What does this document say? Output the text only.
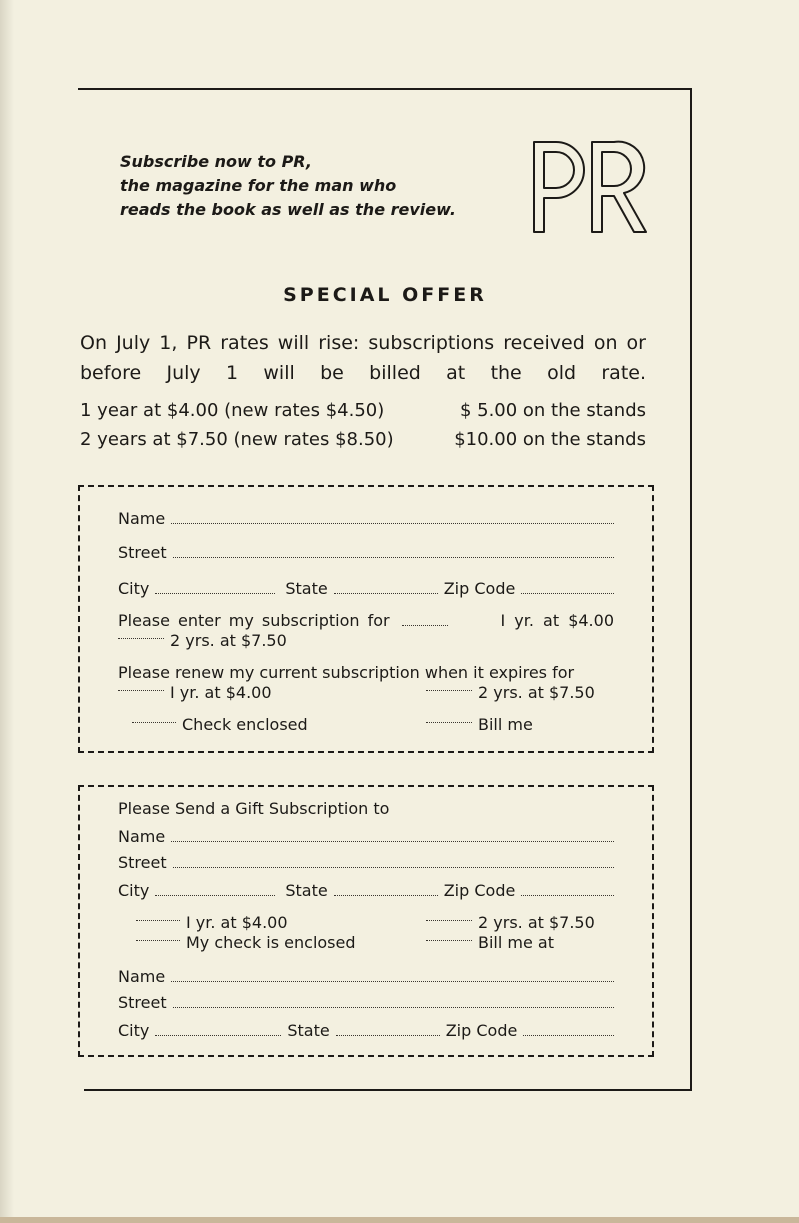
Subscribe now to PR,
the magazine for the man who
reads the book as well as the review.
PR
SPECIAL OFFER
On July 1, PR rates will rise: subscriptions received on or before July 1 will be billed at the old rate.
1 year at $4.00 (new rates $4.50)	$ 5.00 on the stands
2 years at $7.50 (new rates $8.50)	$10.00 on the stands
Name
Street
City	State	Zip Code
Please enter my subscription for	I yr. at $4.00
2 yrs. at $7.50
Please renew my current subscription when it expires for
I yr. at $4.00	2 yrs. at $7.50
Check enclosed	Bill me
Please Send a Gift Subscription to
Name
Street
City	State	Zip Code
I yr. at $4.00	2 yrs. at $7.50
My check is enclosed	Bill me at
Name
Street
City	State	Zip Code
